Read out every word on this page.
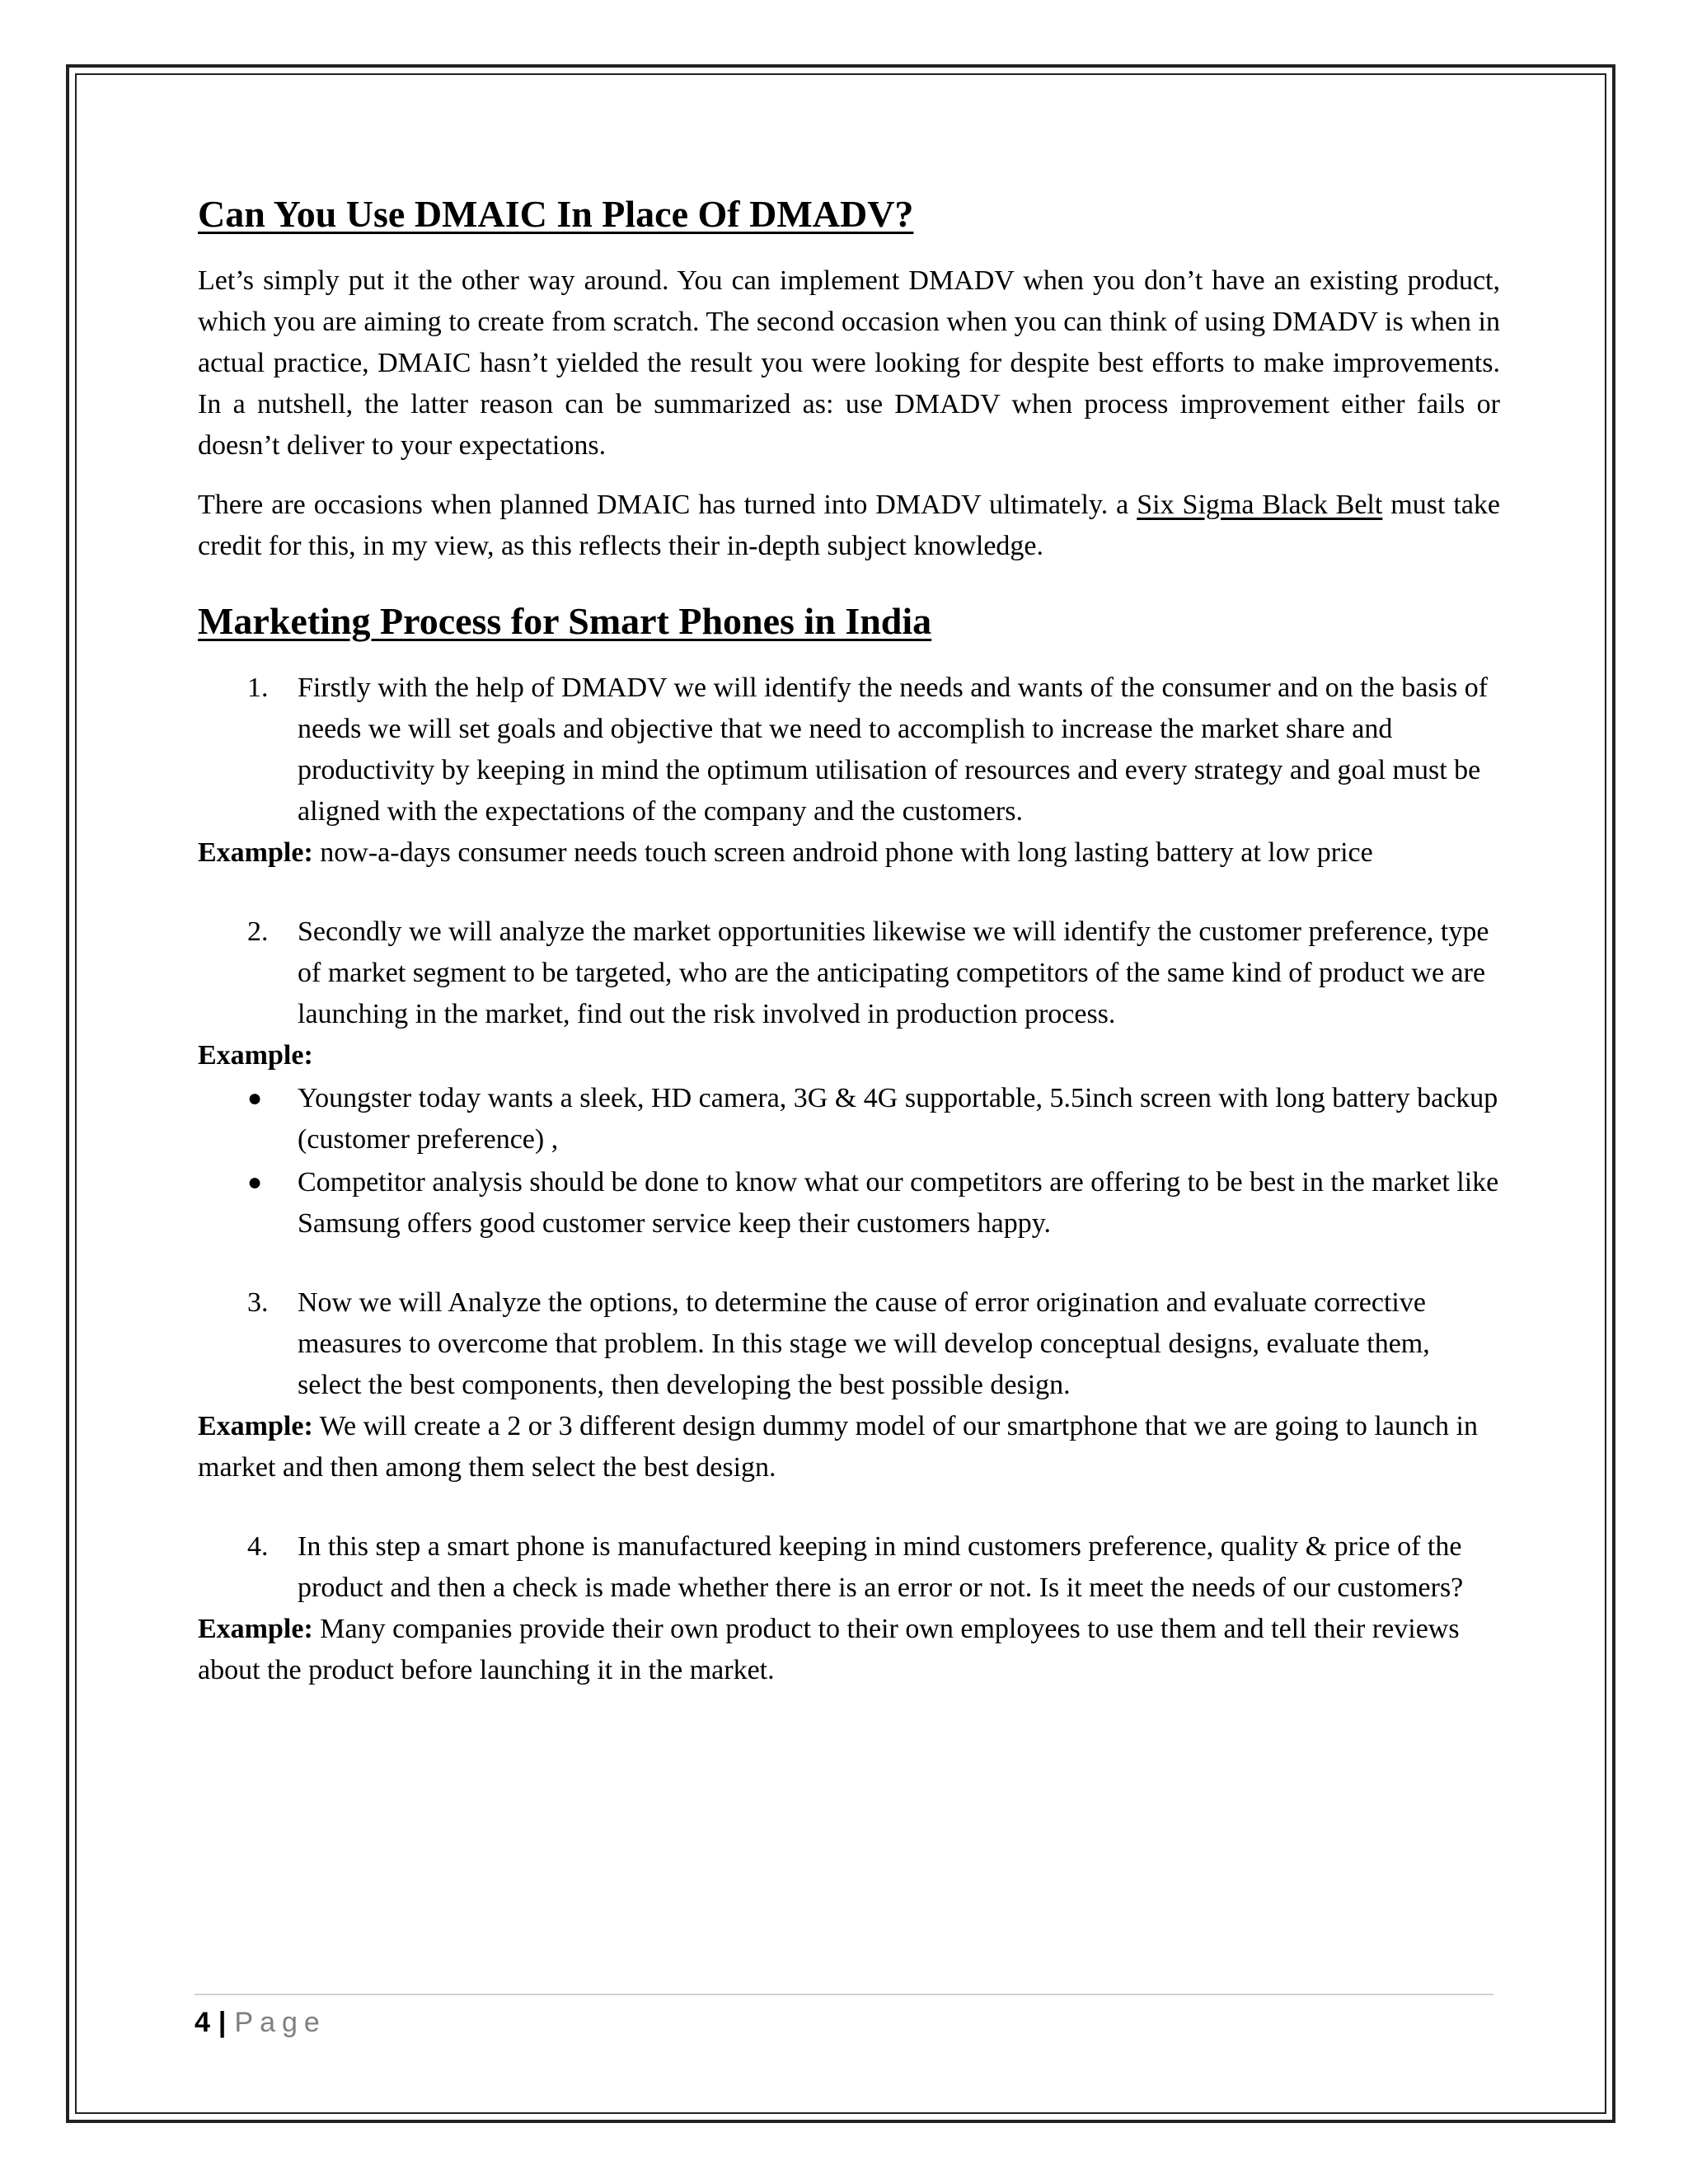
Can You Use DMAIC In Place Of DMADV?

Let’s simply put it the other way around. You can implement DMADV when you don’t have an existing product, which you are aiming to create from scratch. The second occasion when you can think of using DMADV is when in actual practice, DMAIC hasn’t yielded the result you were looking for despite best efforts to make improvements. In a nutshell, the latter reason can be summarized as: use DMADV when process improvement either fails or doesn’t deliver to your expectations.

There are occasions when planned DMAIC has turned into DMADV ultimately. a Six Sigma Black Belt must take credit for this, in my view, as this reflects their in-depth subject knowledge.

Marketing Process for Smart Phones in India
1. Firstly with the help of DMADV we will identify the needs and wants of the consumer and on the basis of needs we will set goals and objective that we need to accomplish to increase the market share and productivity by keeping in mind the optimum utilisation of resources and every strategy and goal must be aligned with the expectations of the company and the customers.
Example: now-a-days consumer needs touch screen android phone with long lasting battery at low price
2. Secondly we will analyze the market opportunities likewise we will identify the customer preference, type of market segment to be targeted, who are the anticipating competitors of the same kind of product we are launching in the market, find out the risk involved in production process.
Example:
● Youngster today wants a sleek, HD camera, 3G & 4G supportable, 5.5inch screen with long battery backup (customer preference) ,
● Competitor analysis should be done to know what our competitors are offering to be best in the market like Samsung offers good customer service keep their customers happy.
3. Now we will Analyze the options, to determine the cause of error origination and evaluate corrective measures to overcome that problem. In this stage we will develop conceptual designs, evaluate them, select the best components, then developing the best possible design.
Example: We will create a 2 or 3 different design dummy model of our smartphone that we are going to launch in market and then among them select the best design.
4. In this step a smart phone is manufactured keeping in mind customers preference, quality & price of the product and then a check is made whether there is an error or not. Is it meet the needs of our customers?
Example: Many companies provide their own product to their own employees to use them and tell their reviews about the product before launching it in the market.
4 | Page
